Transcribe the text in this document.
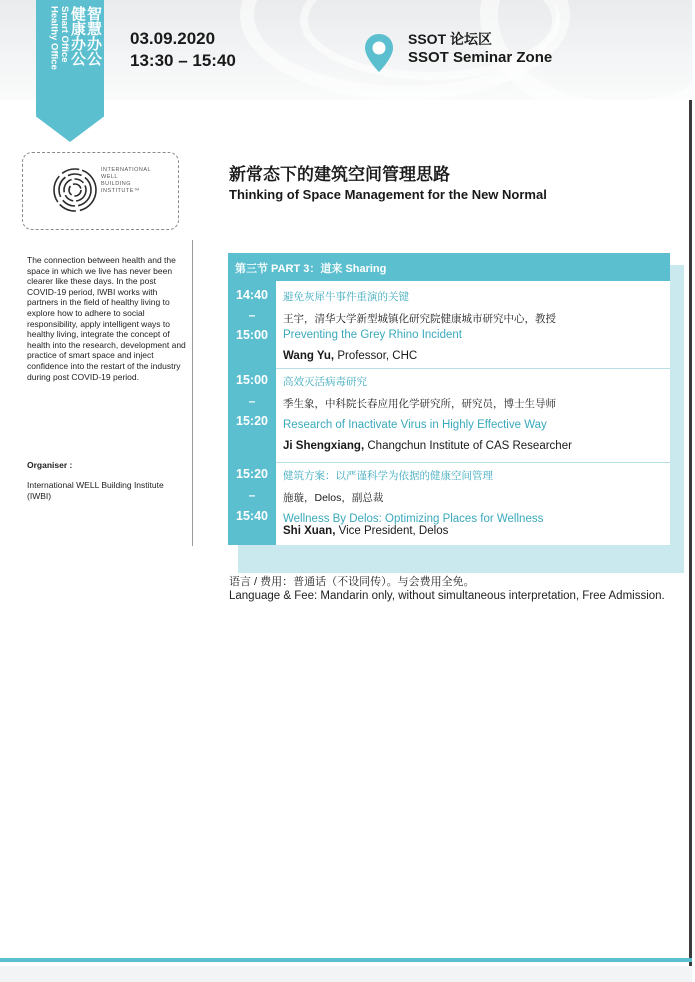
智慧办公
健康办公
Smart Office
Healthy Office	03.09.2020
13:30 – 15:40
SSOT 论坛区
SSOT Seminar Zone
INTERNATIONAL
WELL
BUILDING
INSTITUTE™
The connection between health and the space in which we live has never been clearer like these days. In the post COVID-19 period, IWBI works with partners in the field of healthy living to explore how to adhere to social responsibility, apply intelligent ways to healthy living, integrate the concept of health into the research, development and practice of smart space and inject confidence into the restart of the industry during post COVID-19 period.
Organiser :
International WELL Building Institute (IWBI)
新常态下的建筑空间管理思路
Thinking of Space Management for the New Normal
第三节 PART 3：道来 Sharing
14:40
–
15:00
避免灰犀牛事件重演的关键
王宇，清华大学新型城镇化研究院健康城市研究中心，教授
Preventing the Grey Rhino Incident
Wang Yu, Professor, CHC
15:00
–
15:20
高效灭活病毒研究
季生象，中科院长春应用化学研究所，研究员，博士生导师
Research of Inactivate Virus in Highly Effective Way
Ji Shengxiang, Changchun Institute of CAS Researcher
15:20
–
15:40
健筑方案：以严谨科学为依据的健康空间管理
施璇，Delos，副总裁
Wellness By Delos: Optimizing Places for Wellness
Shi Xuan, Vice President, Delos
语言 / 费用：普通话（不设同传）。与会费用全免。
Language & Fee: Mandarin only, without simultaneous interpretation, Free Admission.
